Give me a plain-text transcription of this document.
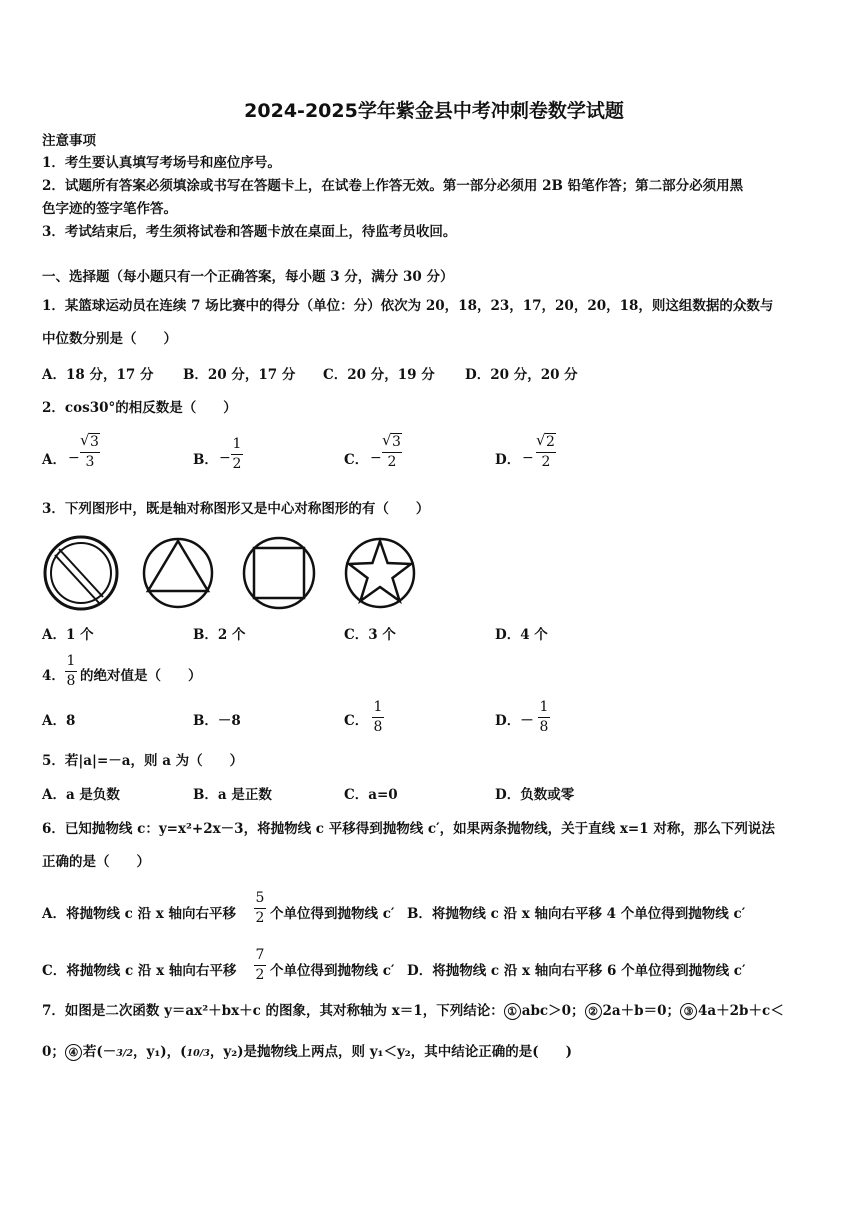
2024-2025学年紫金县中考冲刺卷数学试题
注意事项
1．考生要认真填写考场号和座位序号。
2．试题所有答案必须填涂或书写在答题卡上，在试卷上作答无效。第一部分必须用 2B 铅笔作答；第二部分必须用黑
色字迹的签字笔作答。
3．考试结束后，考生须将试卷和答题卡放在桌面上，待监考员收回。
一、选择题（每小题只有一个正确答案，每小题 3 分，满分 30 分）
1．某篮球运动员在连续 7 场比赛中的得分（单位：分）依次为 20，18，23，17，20，20，18，则这组数据的众数与
中位数分别是（　　）
A．18 分，17 分 B．20 分，17 分 C．20 分，19 分 D．20 分，20 分
2．cos30°的相反数是（　　）
A． −
√ 3
3	B． −
1
2	C． −
√ 3
2	D． −
√ 2
2
3．下列图形中，既是轴对称图形又是中心对称图形的有（　　）
A．1 个	B．2 个	C．3 个	D．4 个
4．
1
8 的绝对值是（　　）
A．8	B．－8	C．
1
8	D．－
1
8
5．若|a|=－a，则 a 为（　　）
A．a 是负数	B．a 是正数	C．a=0	D．负数或零
6．已知抛物线 c：y=x²+2x－3，将抛物线 c 平移得到抛物线 c′，如果两条抛物线，关于直线 x=1 对称，那么下列说法
正确的是（　　）
A．将抛物线 c 沿 x 轴向右平移
5
2 个单位得到抛物线 c′ B．将抛物线 c 沿 x 轴向右平移 4 个单位得到抛物线 c′
C．将抛物线 c 沿 x 轴向右平移
7
2 个单位得到抛物线 c′ D．将抛物线 c 沿 x 轴向右平移 6 个单位得到抛物线 c′
7．如图是二次函数 y＝ax²＋bx＋c 的图象，其对称轴为 x＝1，下列结论： ① abc＞0； ② 2a＋b＝0； ③ 4a＋2b＋c＜
0； ④ 若(－3/2，y₁)，(10/3，y₂)是抛物线上两点，则 y₁＜y₂，其中结论正确的是(　　)
